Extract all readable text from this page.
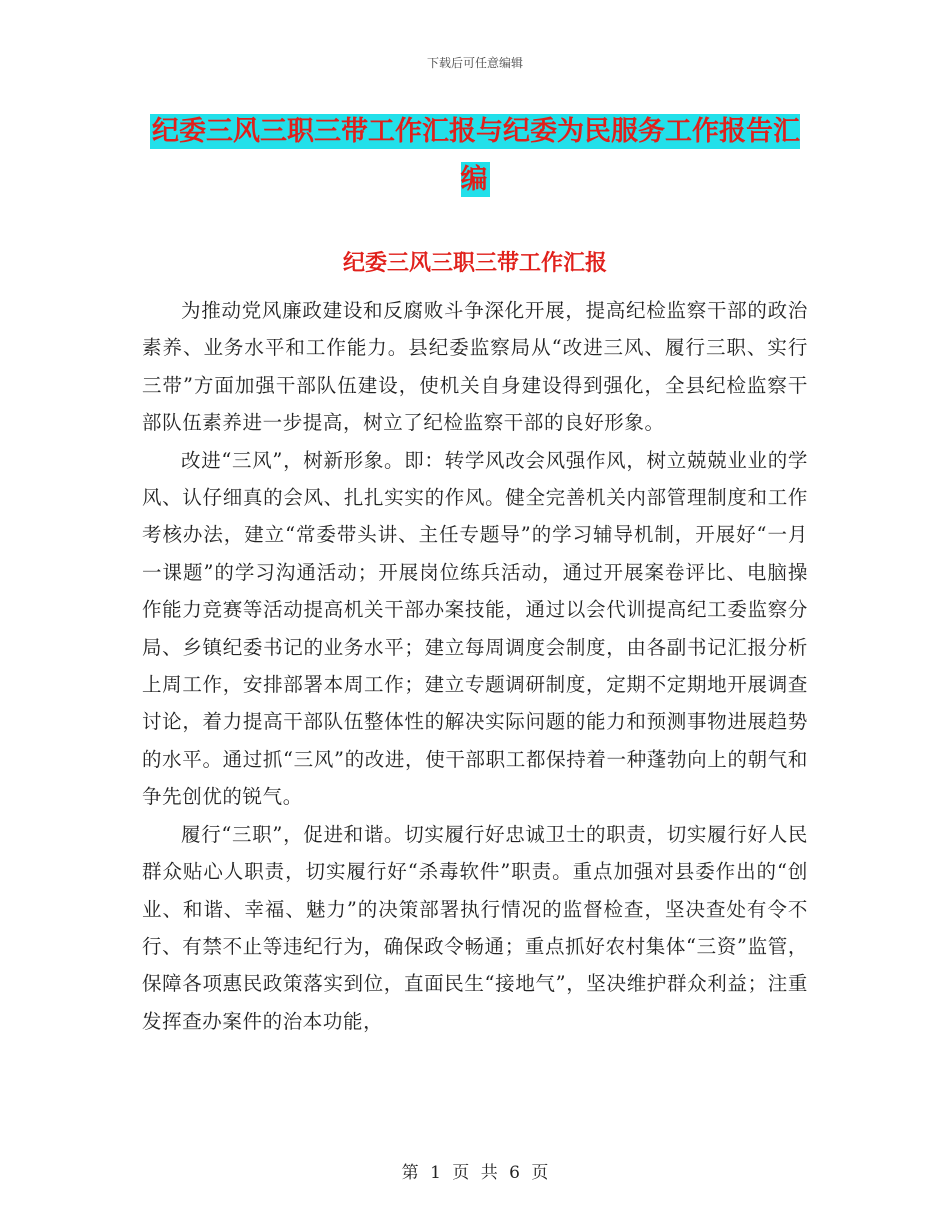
下载后可任意编辑
纪委三风三职三带工作汇报与纪委为民服务工作报告汇编
纪委三风三职三带工作汇报

为推动党风廉政建设和反腐败斗争深化开展，提高纪检监察干部的政治素养、业务水平和工作能力。县纪委监察局从“改进三风、履行三职、实行三带”方面加强干部队伍建设，使机关自身建设得到强化，全县纪检监察干部队伍素养进一步提高，树立了纪检监察干部的良好形象。

改进“三风”，树新形象。即：转学风改会风强作风，树立兢兢业业的学风、认仔细真的会风、扎扎实实的作风。健全完善机关内部管理制度和工作考核办法，建立“常委带头讲、主任专题导”的学习辅导机制，开展好“一月一课题”的学习沟通活动；开展岗位练兵活动，通过开展案卷评比、电脑操作能力竞赛等活动提高机关干部办案技能，通过以会代训提高纪工委监察分局、乡镇纪委书记的业务水平；建立每周调度会制度，由各副书记汇报分析上周工作，安排部署本周工作；建立专题调研制度，定期不定期地开展调查讨论，着力提高干部队伍整体性的解决实际问题的能力和预测事物进展趋势的水平。通过抓“三风”的改进，使干部职工都保持着一种蓬勃向上的朝气和争先创优的锐气。

履行“三职”，促进和谐。切实履行好忠诚卫士的职责，切实履行好人民群众贴心人职责，切实履行好“杀毒软件”职责。重点加强对县委作出的“创业、和谐、幸福、魅力”的决策部署执行情况的监督检查，坚决查处有令不行、有禁不止等违纪行为，确保政令畅通；重点抓好农村集体“三资”监管，保障各项惠民政策落实到位，直面民生“接地气”，坚决维护群众利益；注重发挥查办案件的治本功能，

第 1 页 共 6 页
